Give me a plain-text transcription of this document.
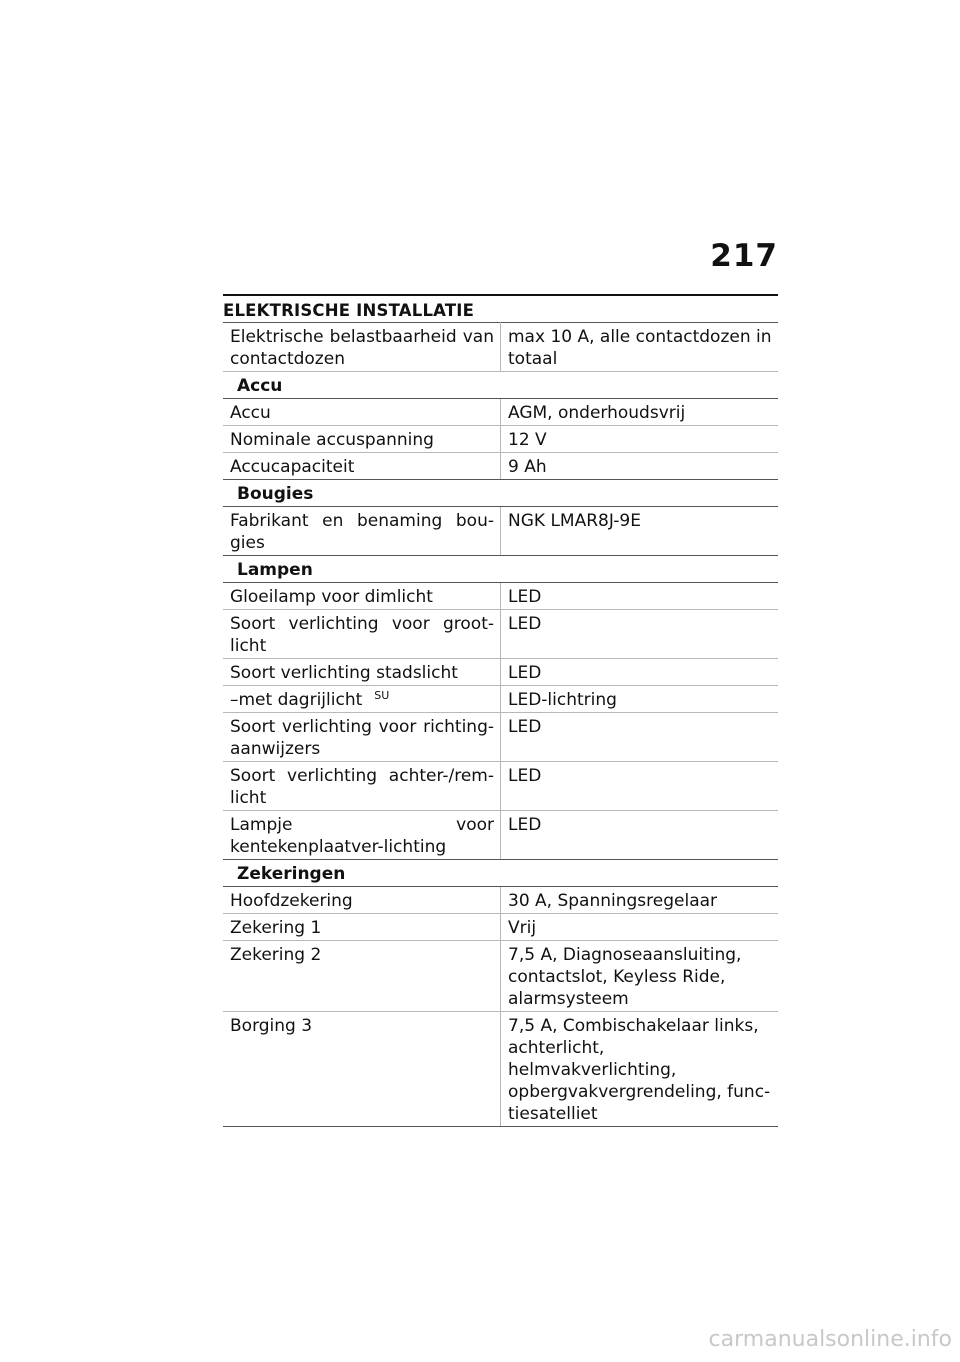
217
ELEKTRISCHE INSTALLATIE
Elektrische belastbaarheid van contactdozen	max 10 A, alle contactdozen in totaal
Accu	
Accu	AGM, onderhoudsvrij
Nominale accuspanning	12 V
Accucapaciteit	9 Ah
Bougies	
Fabrikant en benaming bou-gies	NGK LMAR8J-9E
Lampen	
Gloeilamp voor dimlicht	LED
Soort verlichting voor groot-licht	LED
Soort verlichting stadslicht	LED
–met dagrijlicht $^{SU}$	LED-lichtring
Soort verlichting voor richting-aanwijzers	LED
Soort verlichting achter-/rem-licht	LED
Lampje voor kentekenplaatver-lichting	LED
Zekeringen	
Hoofdzekering	30 A, Spanningsregelaar
Zekering 1	Vrij
Zekering 2	7,5 A, Diagnoseaansluiting,
contactslot, Keyless Ride,
alarmsysteem
Borging 3	7,5 A, Combischakelaar links,
achterlicht, helmvakverlichting,
opbergvakvergrendeling, func-
tiesatelliet
carmanualsonline.info
